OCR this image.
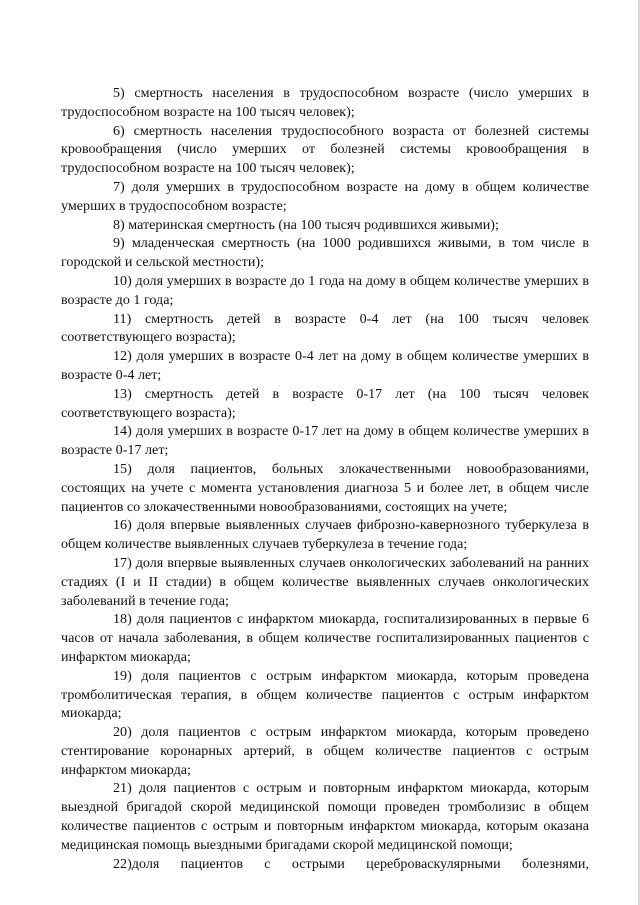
5) смертность населения в трудоспособном возрасте (число умерших в трудоспособном возрасте на 100 тысяч человек);

6) смертность населения трудоспособного возраста от болезней системы кровообращения (число умерших от болезней системы кровообращения в трудоспособном возрасте на 100 тысяч человек);

7) доля умерших в трудоспособном возрасте на дому в общем количестве умерших в трудоспособном возрасте;

8) материнская смертность (на 100 тысяч родившихся живыми);

9) младенческая смертность (на 1000 родившихся живыми, в том числе в городской и сельской местности);

10) доля умерших в возрасте до 1 года на дому в общем количестве умерших в возрасте до 1 года;

11) смертность детей в возрасте 0-4 лет (на 100 тысяч человек соответствующего возраста);

12) доля умерших в возрасте 0-4 лет на дому в общем количестве умерших в возрасте 0-4 лет;

13) смертность детей в возрасте 0-17 лет (на 100 тысяч человек соответствующего возраста);

14) доля умерших в возрасте 0-17 лет на дому в общем количестве умерших в возрасте 0-17 лет;

15) доля пациентов, больных злокачественными новообразованиями, состоящих на учете с момента установления диагноза 5 и более лет, в общем числе пациентов со злокачественными новообразованиями, состоящих на учете;

16) доля впервые выявленных случаев фиброзно-кавернозного туберкулеза в общем количестве выявленных случаев туберкулеза в течение года;

17) доля впервые выявленных случаев онкологических заболеваний на ранних стадиях (I и II стадии) в общем количестве выявленных случаев онкологических заболеваний в течение года;

18) доля пациентов с инфарктом миокарда, госпитализированных в первые 6 часов от начала заболевания, в общем количестве госпитализированных пациентов с инфарктом миокарда;

19) доля пациентов с острым инфарктом миокарда, которым проведена тромболитическая терапия, в общем количестве пациентов с острым инфарктом миокарда;

20) доля пациентов с острым инфарктом миокарда, которым проведено стентирование коронарных артерий, в общем количестве пациентов с острым инфарктом миокарда;

21) доля пациентов с острым и повторным инфарктом миокарда, которым выездной бригадой скорой медицинской помощи проведен тромболизис в общем количестве пациентов с острым и повторным инфарктом миокарда, которым оказана медицинская помощь выездными бригадами скорой медицинской помощи;

22)доля пациентов с острыми цереброваскулярными болезнями,
